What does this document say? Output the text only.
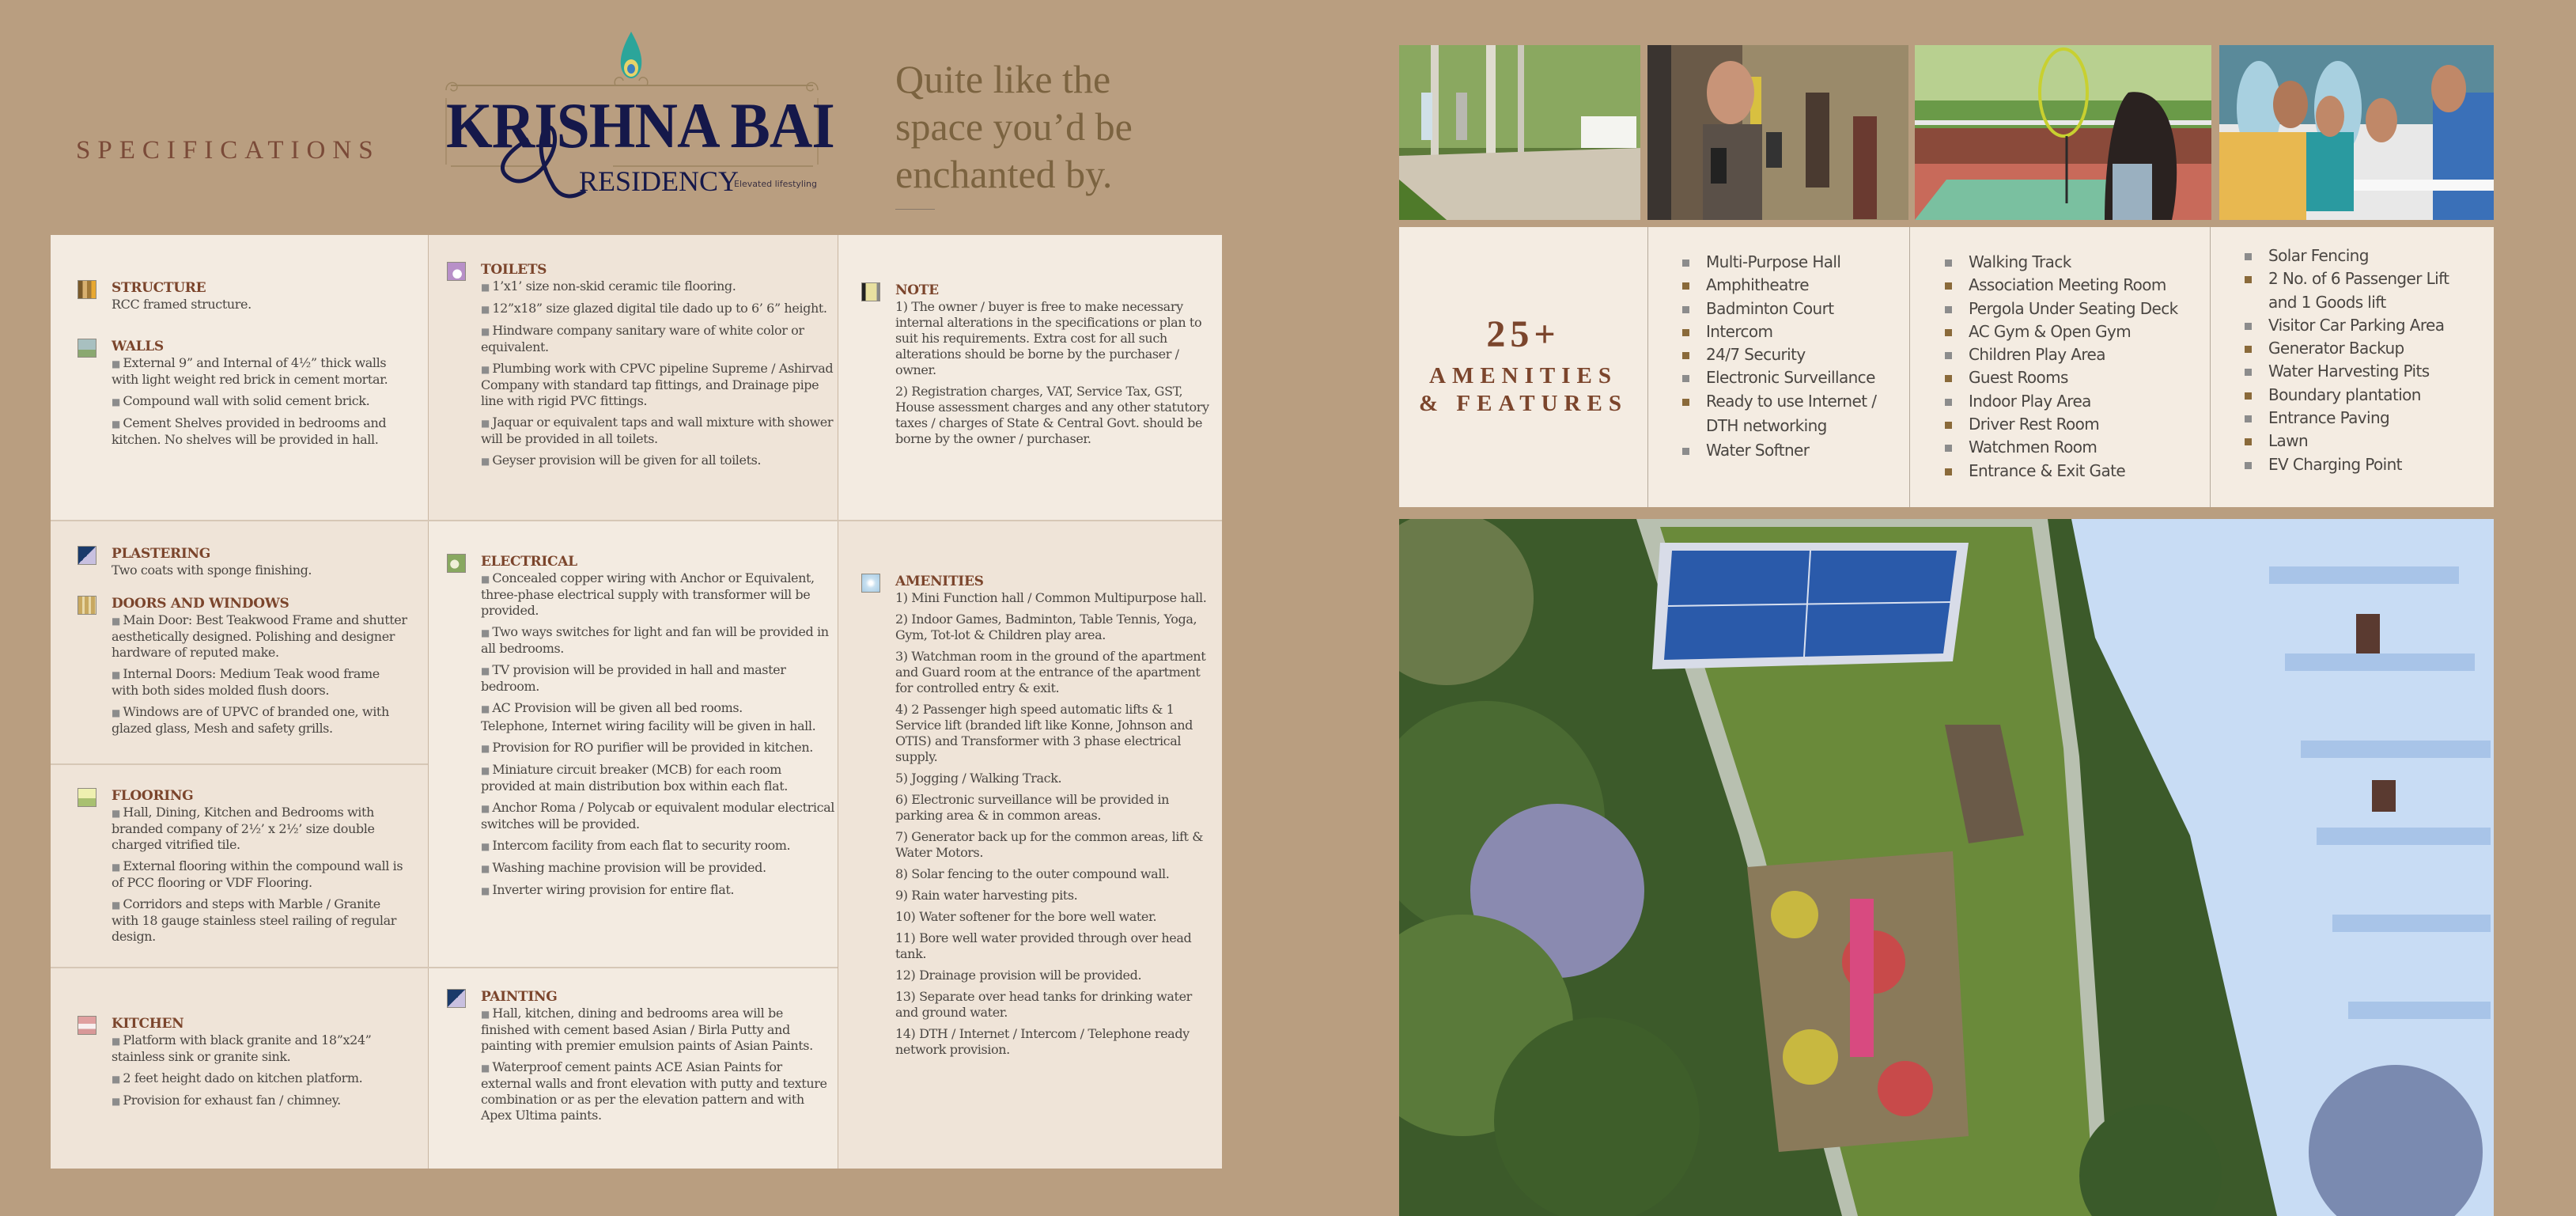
SPECIFICATIONS KRISHNA BAI
RESIDENCY
Elevated lifestyling
Quite like the
space you’d be
enchanted by.
STRUCTURE

RCC framed structure.

WALLS

■ External 9” and Internal of 4½” thick walls with light weight red brick in cement mortar.

■ Compound wall with solid cement brick.

■ Cement Shelves provided in bedrooms and kitchen. No shelves will be provided in hall.

PLASTERING

Two coats with sponge finishing.

DOORS AND WINDOWS

■ Main Door: Best Teakwood Frame and shutter aesthetically designed. Polishing and designer hardware of reputed make.

■ Internal Doors: Medium Teak wood frame with both sides molded flush doors.

■ Windows are of UPVC of branded one, with glazed glass, Mesh and safety grills.

FLOORING

■ Hall, Dining, Kitchen and Bedrooms with branded company of 2½’ x 2½’ size double charged vitrified tile.

■ External flooring within the compound wall is of PCC flooring or VDF Flooring.

■ Corridors and steps with Marble / Granite with 18 gauge stainless steel railing of regular design.

KITCHEN

■ Platform with black granite and 18”x24” stainless sink or granite sink.

■ 2 feet height dado on kitchen platform.

■ Provision for exhaust fan / chimney.

TOILETS

■ 1’x1’ size non-skid ceramic tile flooring.

■ 12”x18” size glazed digital tile dado up to 6’ 6” height.

■ Hindware company sanitary ware of white color or equivalent.

■ Plumbing work with CPVC pipeline Supreme / Ashirvad Company with standard tap fittings, and Drainage pipe line with rigid PVC fittings.

■ Jaquar or equivalent taps and wall mixture with shower will be provided in all toilets.

■ Geyser provision will be given for all toilets.

ELECTRICAL

■ Concealed copper wiring with Anchor or Equivalent, three-phase electrical supply with transformer will be provided.

■ Two ways switches for light and fan will be provided in all bedrooms.

■ TV provision will be provided in hall and master bedroom.

■ AC Provision will be given all bed rooms.

Telephone, Internet wiring facility will be given in hall.

■ Provision for RO purifier will be provided in kitchen.

■ Miniature circuit breaker (MCB) for each room provided at main distribution box within each flat.

■ Anchor Roma / Polycab or equivalent modular electrical switches will be provided.

■ Intercom facility from each flat to security room.

■ Washing machine provision will be provided.

■ Inverter wiring provision for entire flat.

PAINTING

■ Hall, kitchen, dining and bedrooms area will be finished with cement based Asian / Birla Putty and painting with premier emulsion paints of Asian Paints.

■ Waterproof cement paints ACE Asian Paints for external walls and front elevation with putty and texture combination or as per the elevation pattern and with Apex Ultima paints.

NOTE

1) The owner / buyer is free to make necessary internal alterations in the specifications or plan to suit his requirements. Extra cost for all such alterations should be borne by the purchaser / owner.

2) Registration charges, VAT, Service Tax, GST, House assessment charges and any other statutory taxes / charges of State & Central Govt. should be borne by the owner / purchaser.

AMENITIES

1) Mini Function hall / Common Multipurpose hall.

2) Indoor Games, Badminton, Table Tennis, Yoga, Gym, Tot-lot & Children play area.

3) Watchman room in the ground of the apartment and Guard room at the entrance of the apartment for controlled entry & exit.

4) 2 Passenger high speed automatic lifts & 1 Service lift (branded lift like Konne, Johnson and OTIS) and Transformer with 3 phase electrical supply.

5) Jogging / Walking Track.

6) Electronic surveillance will be provided in parking area & in common areas.

7) Generator back up for the common areas, lift & Water Motors.

8) Solar fencing to the outer compound wall.

9) Rain water harvesting pits.

10) Water softener for the bore well water.

11) Bore well water provided through over head tank.

12) Drainage provision will be provided.

13) Separate over head tanks for drinking water and ground water.

14) DTH / Internet / Intercom / Telephone ready network provision.

25+
AMENITIES
& FEATURES
Multi-Purpose Hall
Amphitheatre
Badminton Court
Intercom
24/7 Security
Electronic Surveillance
Ready to use Internet /
DTH networking
Water Softner
Walking Track
Association Meeting Room
Pergola Under Seating Deck
AC Gym & Open Gym
Children Play Area
Guest Rooms
Indoor Play Area
Driver Rest Room
Watchmen Room
Entrance & Exit Gate
Solar Fencing
2 No. of 6 Passenger Lift
and 1 Goods lift
Visitor Car Parking Area
Generator Backup
Water Harvesting Pits
Boundary plantation
Entrance Paving
Lawn
EV Charging Point
